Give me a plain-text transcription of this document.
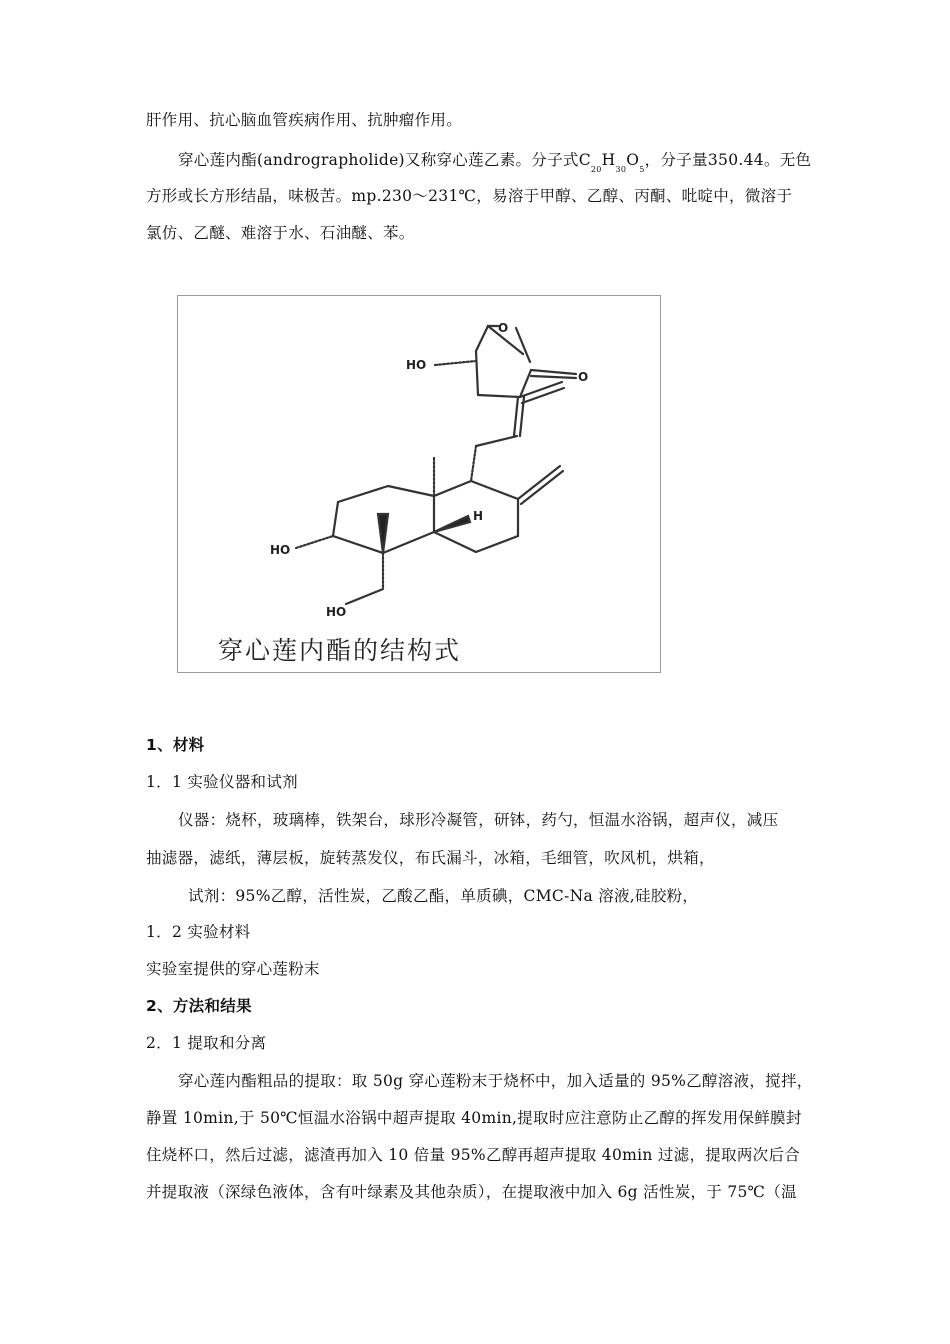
肝作用、抗心脑血管疾病作用、抗肿瘤作用。
穿心莲内酯(andrographolide)又称穿心莲乙素。分子式$C_{20}H_{30}O_5$，分子量350.44。无色
方形或长方形结晶，味极苦。mp.230～231℃，易溶于甲醇、乙醇、丙酮、吡啶中，微溶于
氯仿、乙醚、难溶于水、石油醚、苯。
O
O
HO
HO
HO
H
穿心莲内酯的结构式
1、材料
1．1 实验仪器和试剂
仪器：烧杯，玻璃棒，铁架台，球形冷凝管，研钵，药勺，恒温水浴锅，超声仪，减压
抽滤器，滤纸，薄层板，旋转蒸发仪，布氏漏斗，冰箱，毛细管，吹风机，烘箱，
试剂：95%乙醇，活性炭，乙酸乙酯，单质碘，CMC-Na 溶液,硅胶粉，
1．2 实验材料
实验室提供的穿心莲粉末
2、方法和结果
2．1 提取和分离
穿心莲内酯粗品的提取：取 50g 穿心莲粉末于烧杯中，加入适量的 95%乙醇溶液，搅拌，
静置 10min,于 50℃恒温水浴锅中超声提取 40min,提取时应注意防止乙醇的挥发用保鲜膜封
住烧杯口，然后过滤，滤渣再加入 10 倍量 95%乙醇再超声提取 40min 过滤，提取两次后合
并提取液（深绿色液体，含有叶绿素及其他杂质），在提取液中加入 6g 活性炭，于 75℃（温
